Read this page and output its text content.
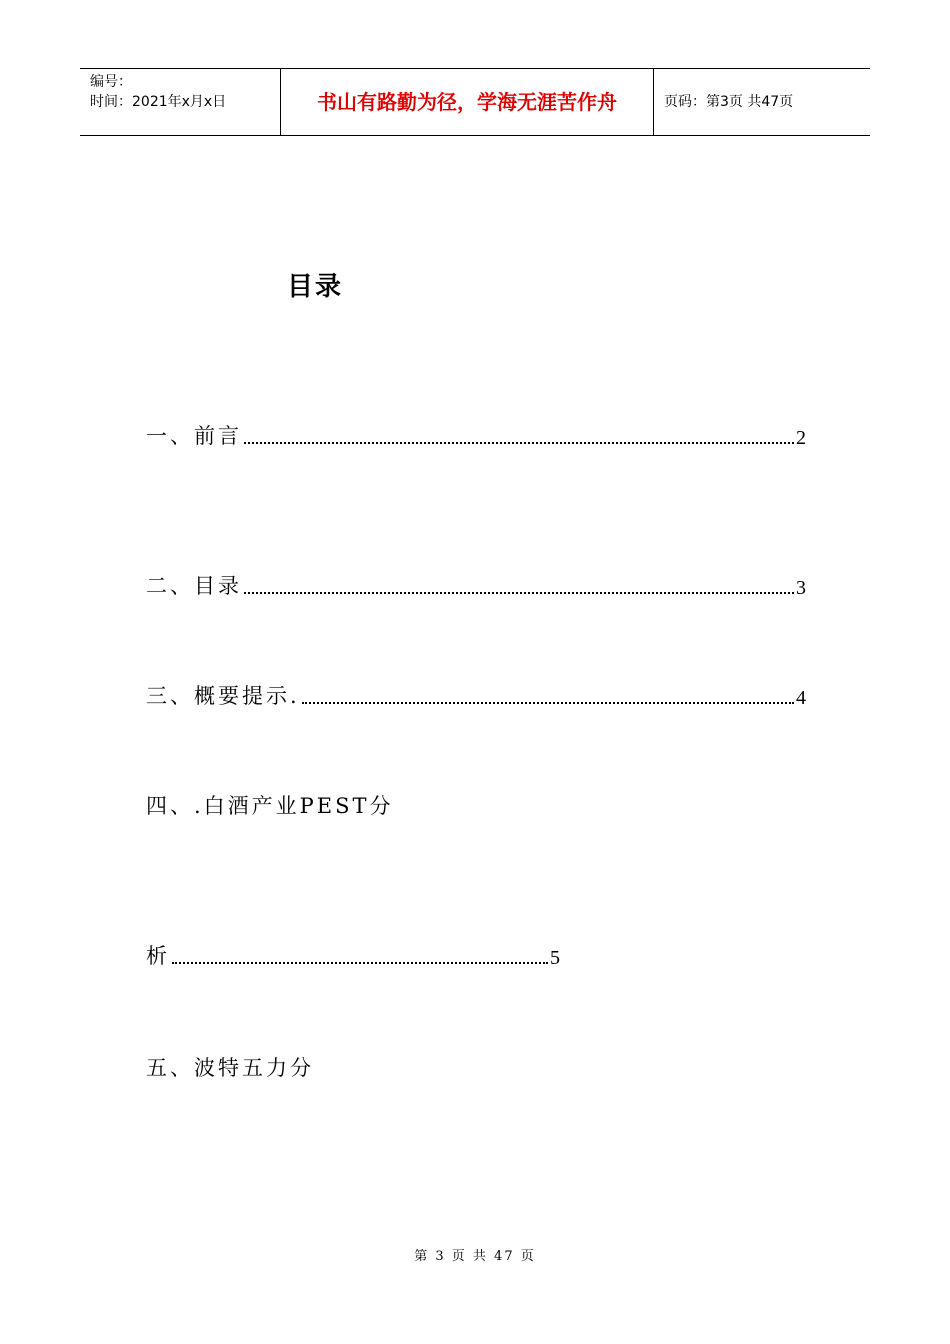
编号：
时间：2021年x月x日	书山有路勤为径，学海无涯苦作舟	页码：第3页 共47页
目录
一、前言	2
二、目录	3
三、概要提示.	4
四、.白酒产业PEST分
析	5
五、波特五力分
第 3 页 共 47 页
